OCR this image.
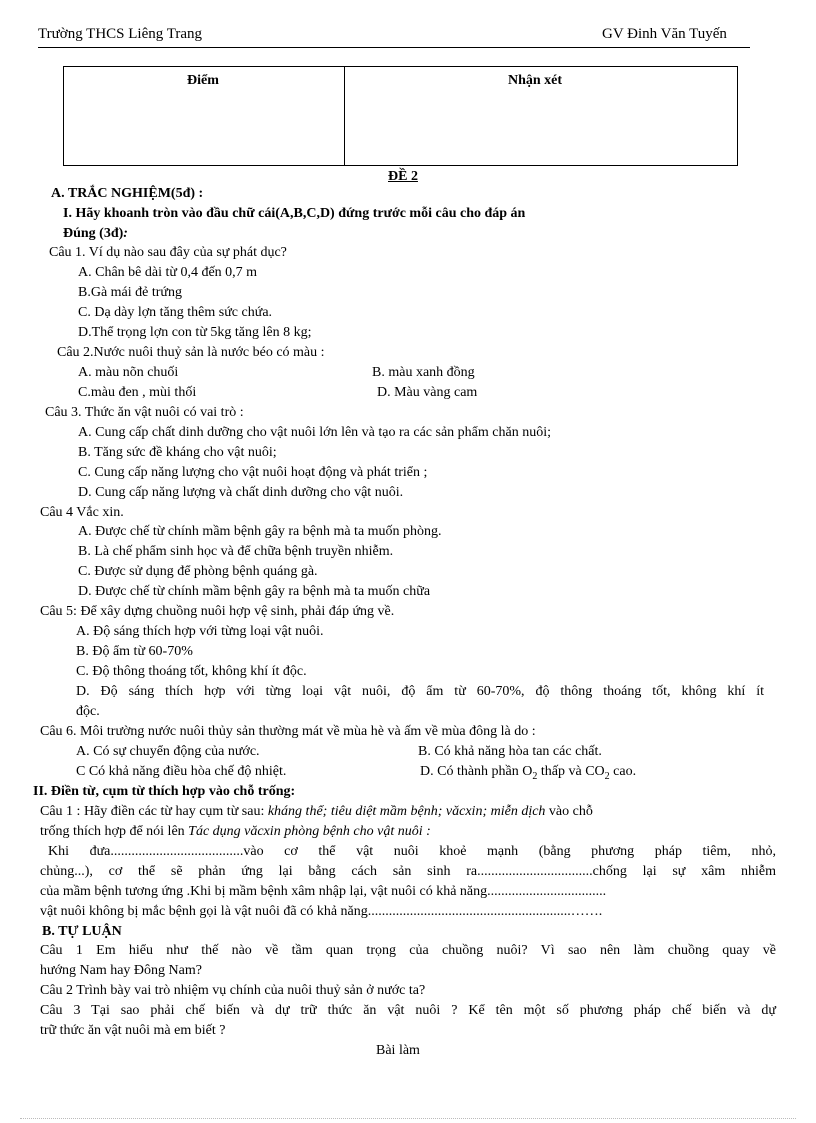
Trường THCS Liêng Trang	GV Đinh Văn Tuyến
Điểm	Nhận xét
ĐỀ 2
A. TRẮC NGHIỆM(5đ) :
I. Hãy khoanh tròn vào đầu chữ cái(A,B,C,D) đứng trước mỗi câu cho đáp án
Đúng (3đ):
Câu 1. Ví dụ nào sau đây của sự phát dục?
A. Chân bê dài từ 0,4 đến 0,7 m
B.Gà mái đẻ trứng
C. Dạ dày lợn tăng thêm sức chứa.
D.Thể trọng lợn con từ 5kg tăng lên 8 kg;
Câu 2.Nước nuôi thuỷ sản là nước béo có màu :
A. màu nõn chuối	B. màu xanh đồng
C.màu đen , mùi thối	D. Màu vàng cam
Câu 3. Thức ăn vật nuôi có vai trò :
A. Cung cấp chất dinh dưỡng cho vật nuôi lớn lên và tạo ra các sản phẩm chăn nuôi;
B. Tăng sức đề kháng cho vật nuôi;
C. Cung cấp năng lượng cho vật nuôi hoạt động và phát triển ;
D. Cung cấp năng lượng và chất dinh dưỡng cho vật nuôi.
Câu 4 Vắc xin.
A. Được chế từ chính mầm bệnh gây ra bệnh mà ta muốn phòng.
B. Là chế phẩm sinh học và để chữa bệnh truyền nhiễm.
C. Được sử dụng để phòng bệnh quáng gà.
D. Được chế từ chính mầm bệnh gây ra bệnh mà ta muốn chữa
Câu 5: Để xây dựng chuồng nuôi hợp vệ sinh, phải đáp ứng về.
A. Độ sáng thích hợp với từng loại vật nuôi.
B. Độ ẩm từ 60-70%
C. Độ thông thoáng tốt, không khí ít độc.
D. Độ sáng thích hợp với từng loại vật nuôi, độ ẩm từ 60-70%, độ thông thoáng tốt, không khí ít
độc.
Câu 6. Môi trường nước nuôi thủy sản thường mát về mùa hè và ấm về mùa đông là do :
A. Có sự chuyển động của nước.	B. Có khả năng hòa tan các chất.
C Có khả năng điều hòa chế độ nhiệt.	D. Có thành phần $O_2$ thấp và $CO_2$ cao.
II. Điền từ, cụm từ thích hợp vào chỗ trống:
Câu 1 : Hãy điền các từ hay cụm từ sau: kháng thể; tiêu diệt mầm bệnh; văcxin; miễn dịch vào chỗ
trống thích hợp để nói lên Tác dụng văcxin phòng bệnh cho vật nuôi :
Khi đưa......................................vào cơ thể vật nuôi khoẻ mạnh (bằng phương pháp tiêm, nhỏ,
chủng...), cơ thể sẽ phản ứng lại bằng cách sản sinh ra.................................chống lại sự xâm nhiễm
của mầm bệnh tương ứng .Khi bị mầm bệnh xâm nhập lại, vật nuôi có khả năng..................................
vật nuôi không bị mắc bệnh gọi là vật nuôi đã có khả năng..........................................................…….
B. TỰ LUẬN
Câu 1 Em hiểu như thế nào về tầm quan trọng của chuồng nuôi? Vì sao nên làm chuồng quay về
hướng Nam hay Đông Nam?
Câu 2 Trình bày vai trò nhiệm vụ chính của nuôi thuỷ sản ở nước ta?
Câu 3 Tại sao phải chế biến và dự trữ thức ăn vật nuôi ? Kể tên một số phương pháp chế biến và dự
trữ thức ăn vật nuôi mà em biết ?
Bài làm
